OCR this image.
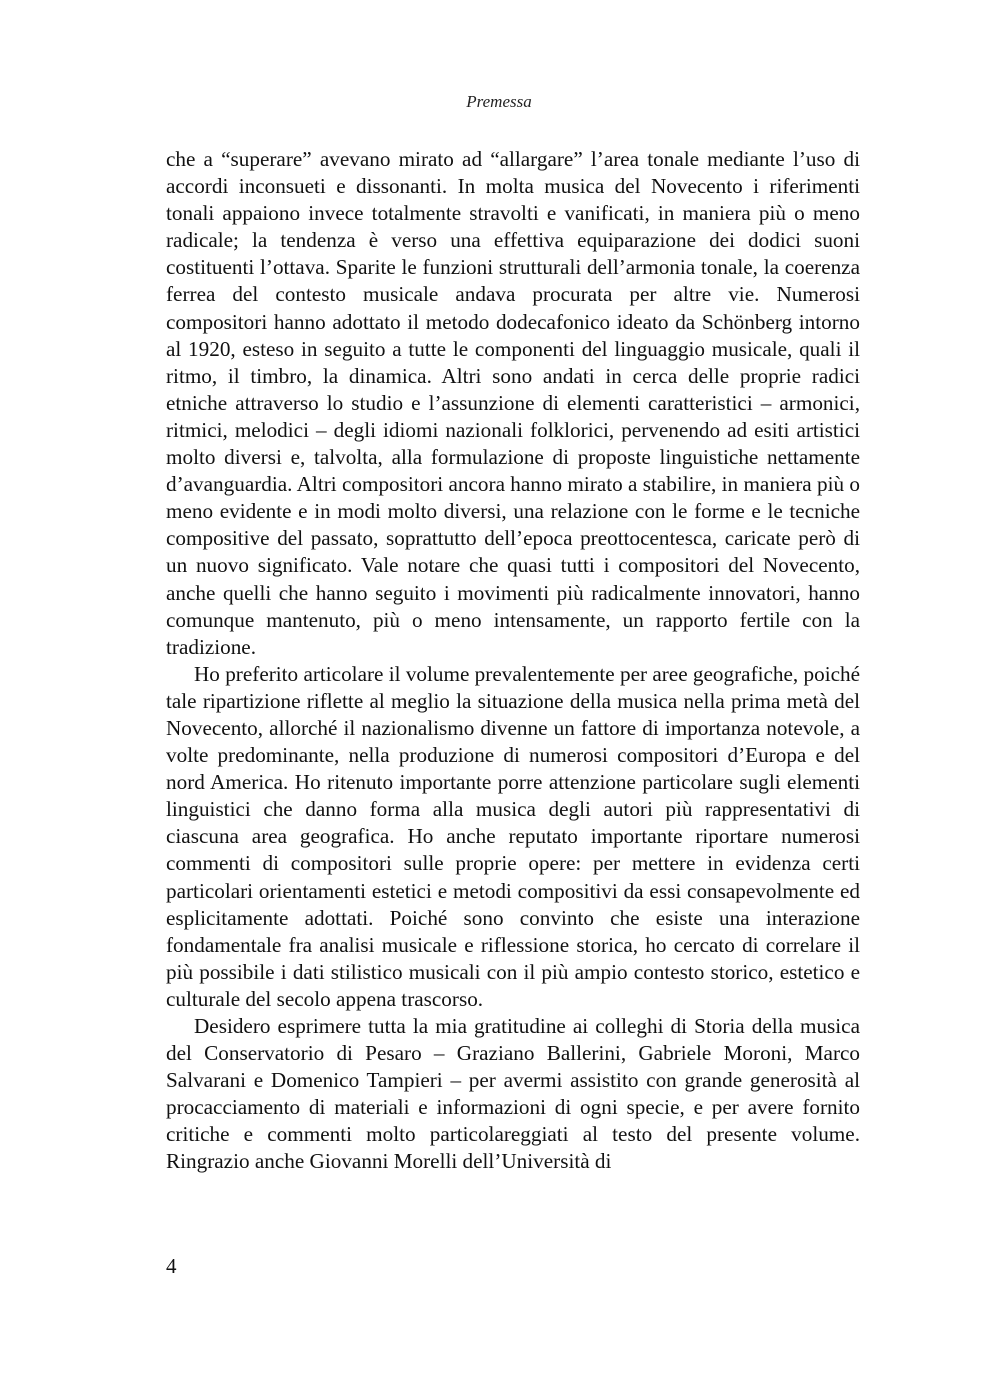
Premessa

che a “superare” avevano mirato ad “allargare” l’area tonale mediante l’uso di accordi inconsueti e dissonanti. In molta musica del Novecento i riferimenti tonali appaiono invece totalmente stravolti e vanificati, in maniera più o meno radicale; la tendenza è verso una effettiva equiparazione dei dodici suoni costituenti l’ottava. Sparite le funzioni strutturali dell’armonia tonale, la coerenza ferrea del contesto musicale andava procurata per altre vie. Numerosi compositori hanno adottato il metodo dodecafonico ideato da Schönberg intorno al 1920, esteso in seguito a tutte le componenti del linguaggio musicale, quali il ritmo, il timbro, la dinamica. Altri sono andati in cerca delle proprie radici etniche attraverso lo studio e l’assunzione di elementi caratteristici – armonici, ritmici, melodici – degli idiomi nazionali folklorici, pervenendo ad esiti artistici molto diversi e, talvolta, alla formulazione di proposte linguistiche nettamente d’avanguardia. Altri compositori ancora hanno mirato a stabilire, in maniera più o meno evidente e in modi molto diversi, una relazione con le forme e le tecniche compositive del passato, soprattutto dell’epoca preottocentesca, caricate però di un nuovo significato. Vale notare che quasi tutti i compositori del Novecento, anche quelli che hanno seguito i movimenti più radicalmente innovatori, hanno comunque mantenuto, più o meno intensamente, un rapporto fertile con la tradizione.

Ho preferito articolare il volume prevalentemente per aree geografiche, poiché tale ripartizione riflette al meglio la situazione della musica nella prima metà del Novecento, allorché il nazionalismo divenne un fattore di importanza notevole, a volte predominante, nella produzione di numerosi compositori d’Europa e del nord America. Ho ritenuto importante porre attenzione particolare sugli elementi linguistici che danno forma alla musica degli autori più rappresentativi di ciascuna area geografica. Ho anche reputato importante riportare numerosi commenti di compositori sulle proprie opere: per mettere in evidenza certi particolari orientamenti estetici e metodi compositivi da essi consapevolmente ed esplicitamente adottati. Poiché sono convinto che esiste una interazione fondamentale fra analisi musicale e riflessione storica, ho cercato di correlare il più possibile i dati stilistico musicali con il più ampio contesto storico, estetico e culturale del secolo appena trascorso.

Desidero esprimere tutta la mia gratitudine ai colleghi di Storia della musica del Conservatorio di Pesaro – Graziano Ballerini, Gabriele Moroni, Marco Salvarani e Domenico Tampieri – per avermi assistito con grande generosità al procacciamento di materiali e informazioni di ogni specie, e per avere fornito critiche e commenti molto particolareggiati al testo del presente volume. Ringrazio anche Giovanni Morelli dell’Università di

4
